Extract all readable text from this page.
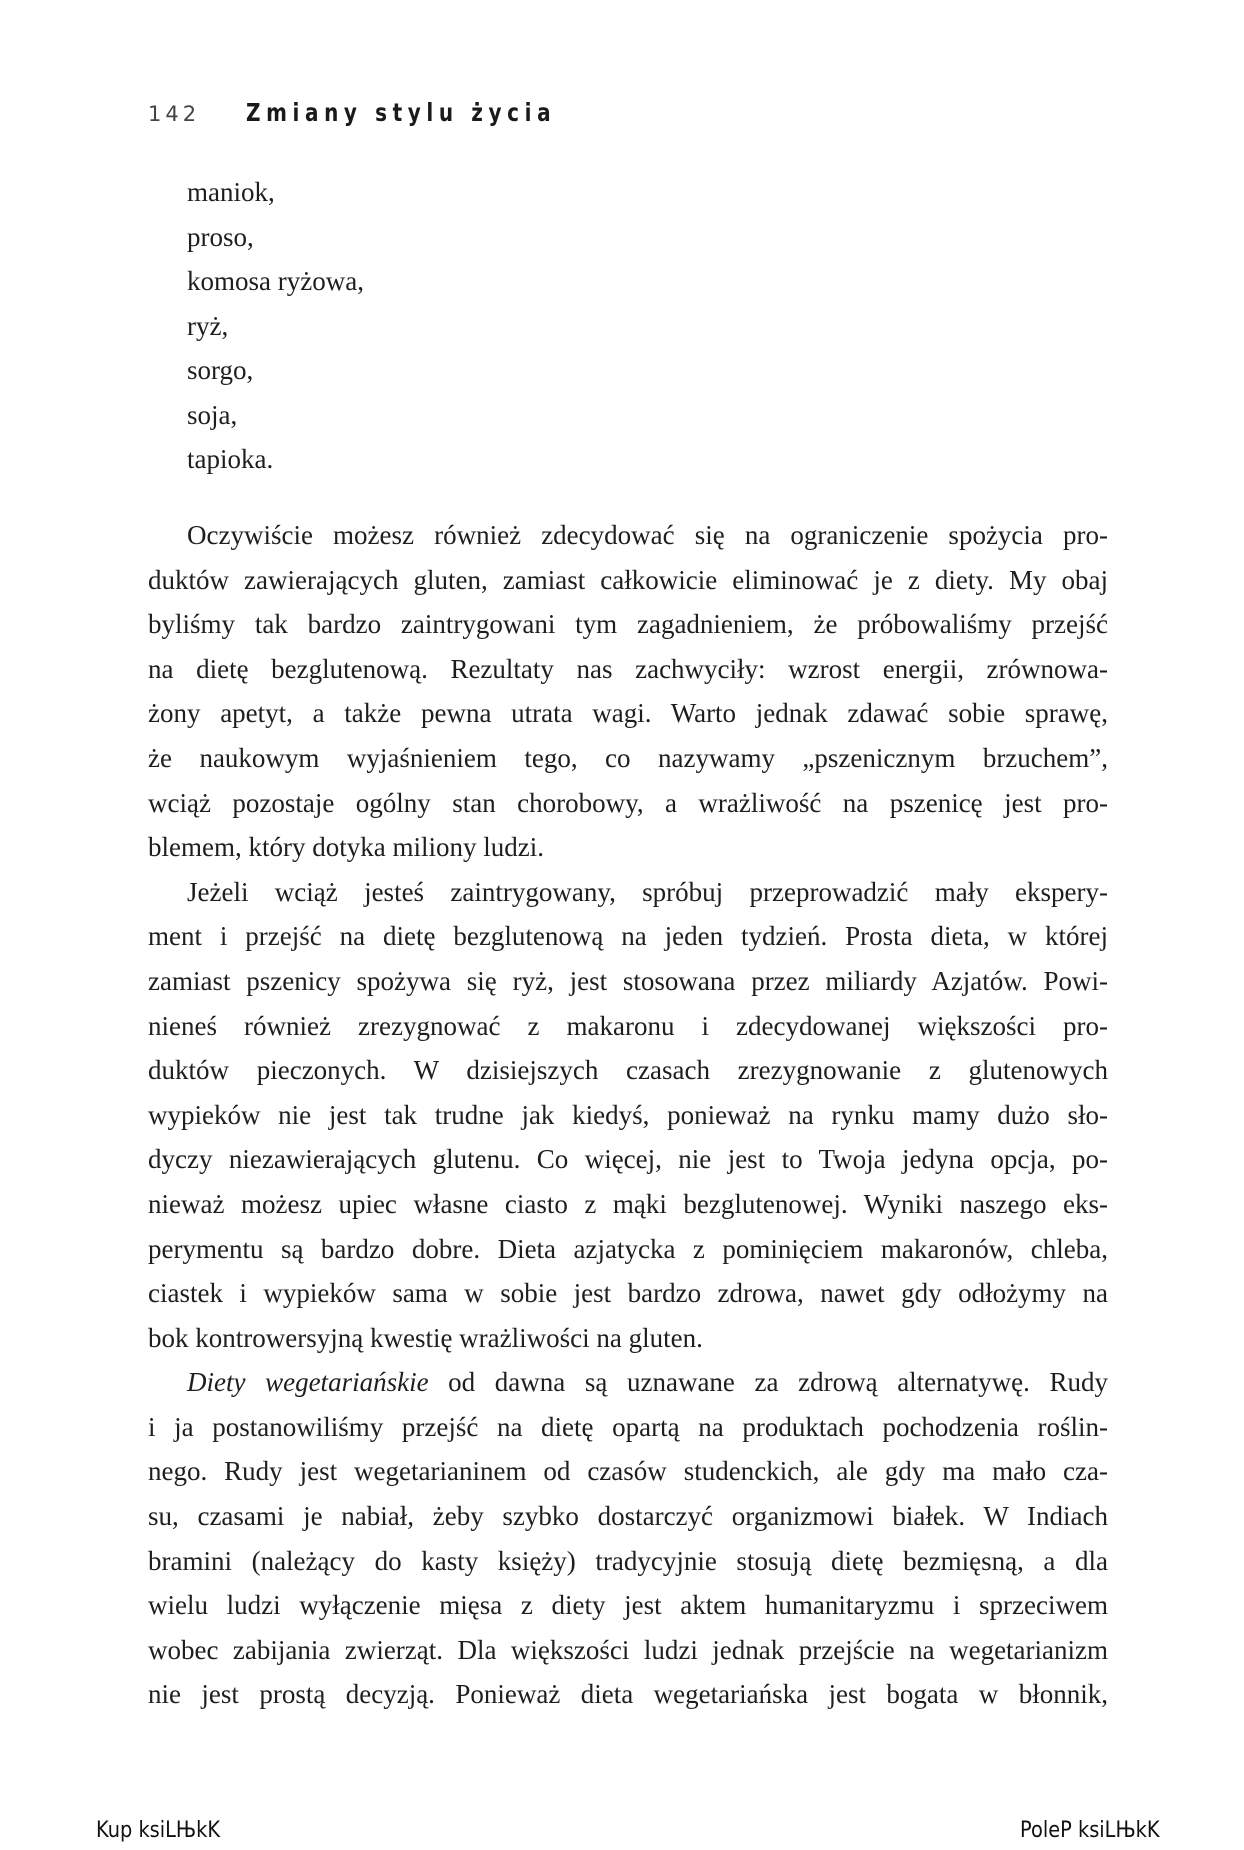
142 Zmiany stylu życia
maniok,
proso,
komosa ryżowa,
ryż,
sorgo,
soja,
tapioka.

Oczywiście możesz również zdecydować się na ograniczenie spożycia pro-
duktów zawierających gluten, zamiast całkowicie eliminować je z diety. My obaj
byliśmy tak bardzo zaintrygowani tym zagadnieniem, że próbowaliśmy przejść
na dietę bezglutenową. Rezultaty nas zachwyciły: wzrost energii, zrównowa-
żony apetyt, a także pewna utrata wagi. Warto jednak zdawać sobie sprawę,
że naukowym wyjaśnieniem tego, co nazywamy „pszenicznym brzuchem”,
wciąż pozostaje ogólny stan chorobowy, a wrażliwość na pszenicę jest pro-
blemem, który dotyka miliony ludzi.

Jeżeli wciąż jesteś zaintrygowany, spróbuj przeprowadzić mały ekspery-
ment i przejść na dietę bezglutenową na jeden tydzień. Prosta dieta, w której
zamiast pszenicy spożywa się ryż, jest stosowana przez miliardy Azjatów. Powi-
nieneś również zrezygnować z makaronu i zdecydowanej większości pro-
duktów pieczonych. W dzisiejszych czasach zrezygnowanie z glutenowych
wypieków nie jest tak trudne jak kiedyś, ponieważ na rynku mamy dużo sło-
dyczy niezawierających glutenu. Co więcej, nie jest to Twoja jedyna opcja, po-
nieważ możesz upiec własne ciasto z mąki bezglutenowej. Wyniki naszego eks-
perymentu są bardzo dobre. Dieta azjatycka z pominięciem makaronów, chleba,
ciastek i wypieków sama w sobie jest bardzo zdrowa, nawet gdy odłożymy na
bok kontrowersyjną kwestię wrażliwości na gluten.

Diety wegetariańskie od dawna są uznawane za zdrową alternatywę. Rudy
i ja postanowiliśmy przejść na dietę opartą na produktach pochodzenia roślin-
nego. Rudy jest wegetarianinem od czasów studenckich, ale gdy ma mało cza-
su, czasami je nabiał, żeby szybko dostarczyć organizmowi białek. W Indiach
bramini (należący do kasty księży) tradycyjnie stosują dietę bezmięsną, a dla
wielu ludzi wyłączenie mięsa z diety jest aktem humanitaryzmu i sprzeciwem
wobec zabijania zwierząt. Dla większości ludzi jednak przejście na wegetarianizm
nie jest prostą decyzją. Ponieważ dieta wegetariańska jest bogata w błonnik,

Kup ksiLЊkK	PoleP ksiLЊkK
